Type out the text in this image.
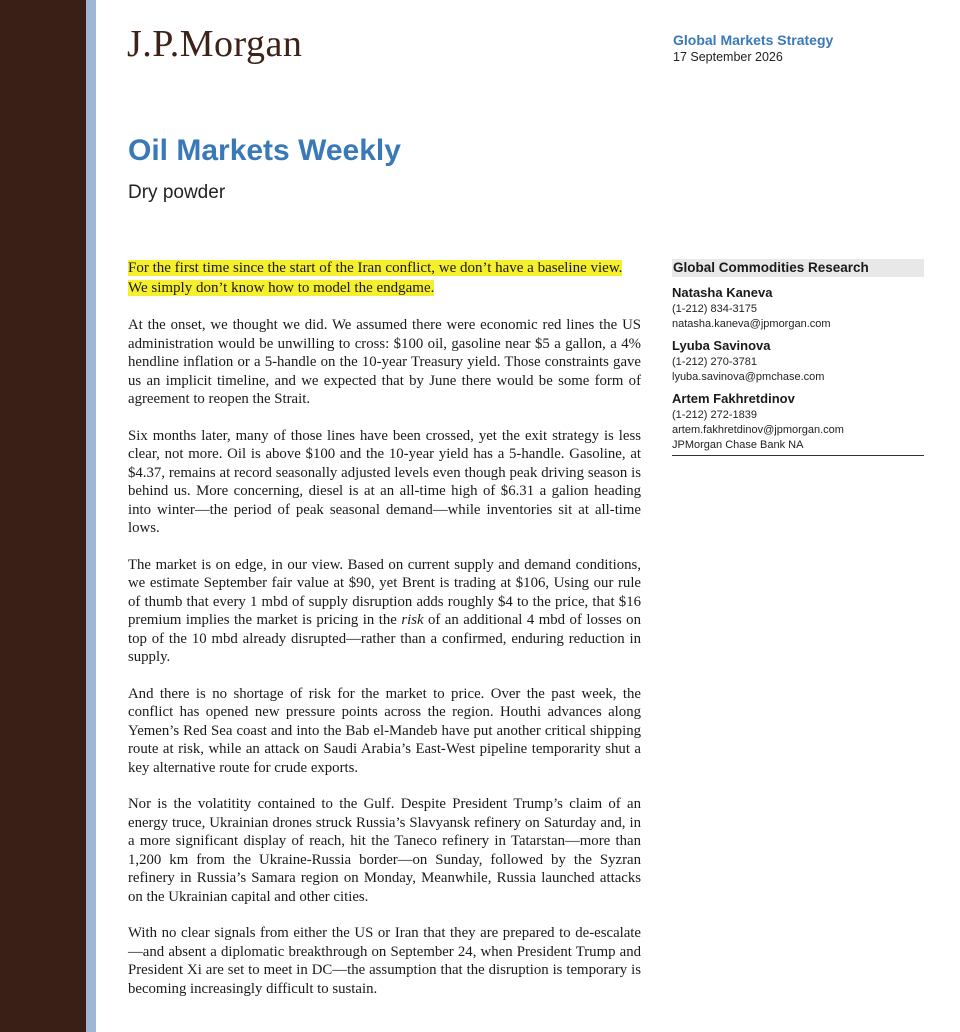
J.P.Morgan	Global Markets Strategy
17 September 2026
Oil Markets Weekly
Dry powder

For the first time since the start of the Iran conflict, we don’t have a baseline view. We simply don’t know how to model the endgame.

At the onset, we thought we did. We assumed there were economic red lines the US administration would be unwilling to cross: $100 oil, gasoline near $5 a gallon, a 4% hendline inflation or a 5-handle on the 10-year Treasury yield. Those constraints gave us an implicit timeline, and we expected that by June there would be some form of agreement to reopen the Strait.

Six months later, many of those lines have been crossed, yet the exit strategy is less clear, not more. Oil is above $100 and the 10-year yield has a 5-handle. Gasoline, at $4.37, remains at record seasonally adjusted levels even though peak driving season is behind us. More concerning, diesel is at an all-time high of $6.31 a galion heading into winter—the period of peak seasonal demand—while inventories sit at all-time lows.

The market is on edge, in our view. Based on current supply and demand conditions, we estimate September fair value at $90, yet Brent is trading at $106, Using our rule of thumb that every 1 mbd of supply disruption adds roughly $4 to the price, that $16 premium implies the market is pricing in the risk of an additional 4 mbd of losses on top of the 10 mbd already disrupted—rather than a confirmed, enduring reduction in supply.

And there is no shortage of risk for the market to price. Over the past week, the conflict has opened new pressure points across the region. Houthi advances along Yemen’s Red Sea coast and into the Bab el-Mandeb have put another critical shipping route at risk, while an attack on Saudi Arabia’s East-West pipeline temporarity shut a key alternative route for crude exports.

Nor is the volatitity contained to the Gulf. Despite President Trump’s claim of an energy truce, Ukrainian drones struck Russia’s Slavyansk refinery on Saturday and, in a more significant display of reach, hit the Taneco refinery in Tatarstan—more than 1,200 km from the Ukraine-Russia border—on Sunday, followed by the Syzran refinery in Russia’s Samara region on Monday, Meanwhile, Russia launched attacks on the Ukrainian capital and other cities.

With no clear signals from either the US or Iran that they are prepared to de-escalate —and absent a diplomatic breakthrough on September 24, when President Trump and President Xi are set to meet in DC—the assumption that the disruption is temporary is becoming increasingly difficult to sustain.

Global Commodities Research
Natasha Kaneva
(1-212) 834-3175
natasha.kaneva@jpmorgan.com
Lyuba Savinova
(1-212) 270-3781
lyuba.savinova@pmchase.com
Artem Fakhretdinov
(1-212) 272-1839
artem.fakhretdinov@jpmorgan.com
JPMorgan Chase Bank NA
